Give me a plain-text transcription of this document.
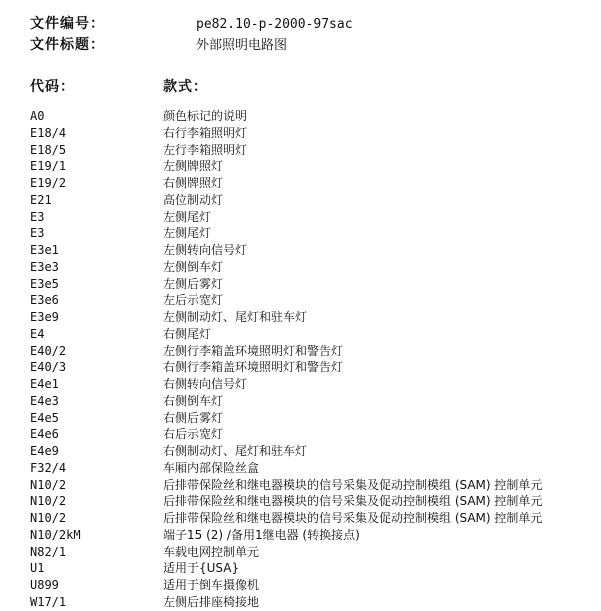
文件编号：	pe82.10-p-2000-97sac
文件标题：	外部照明电路图
代码：	款式：
A0	颜色标记的说明
E18/4	右行李箱照明灯
E18/5	左行李箱照明灯
E19/1	左侧牌照灯
E19/2	右侧牌照灯
E21	高位制动灯
E3	左侧尾灯
E3	左侧尾灯
E3e1	左侧转向信号灯
E3e3	左侧倒车灯
E3e5	左侧后雾灯
E3e6	左后示宽灯
E3e9	左侧制动灯、尾灯和驻车灯
E4	右侧尾灯
E40/2	左侧行李箱盖环境照明灯和警告灯
E40/3	右侧行李箱盖环境照明灯和警告灯
E4e1	右侧转向信号灯
E4e3	右侧倒车灯
E4e5	右侧后雾灯
E4e6	右后示宽灯
E4e9	右侧制动灯、尾灯和驻车灯
F32/4	车厢内部保险丝盒
N10/2	后排带保险丝和继电器模块的信号采集及促动控制模组 (SAM) 控制单元
N10/2	后排带保险丝和继电器模块的信号采集及促动控制模组 (SAM) 控制单元
N10/2	后排带保险丝和继电器模块的信号采集及促动控制模组 (SAM) 控制单元
N10/2kM	端子15 (2) /备用1继电器 (转换接点)
N82/1	车载电网控制单元
U1	适用于{USA}
U899	适用于倒车摄像机
W17/1	左侧后排座椅接地
